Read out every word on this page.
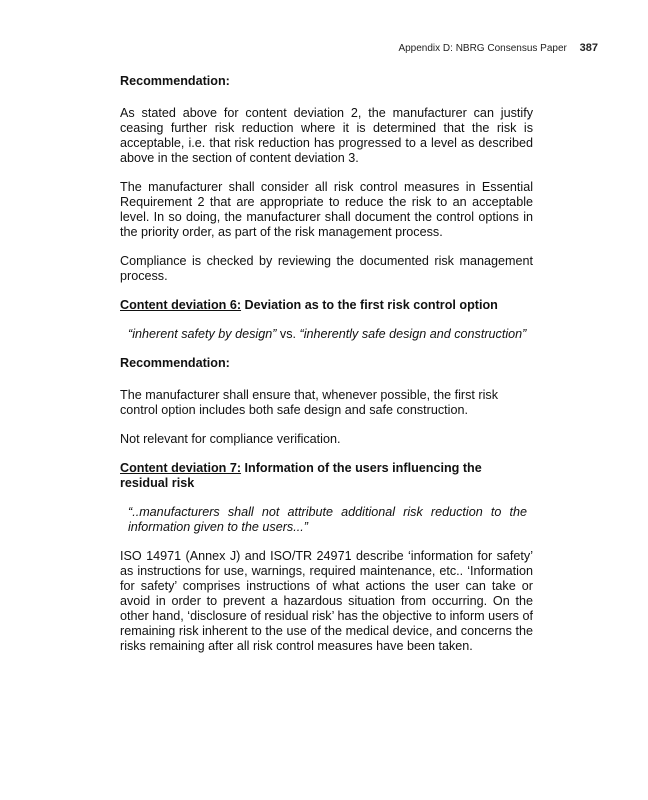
Appendix D: NBRG Consensus Paper 387
Recommendation:

As stated above for content deviation 2, the manufacturer can justify ceasing further risk reduction where it is determined that the risk is acceptable, i.e. that risk reduction has progressed to a level as described above in the section of content deviation 3.

The manufacturer shall consider all risk control measures in Essential Requirement 2 that are appropriate to reduce the risk to an acceptable level. In so doing, the manufacturer shall document the control options in the priority order, as part of the risk management process.

Compliance is checked by reviewing the documented risk management process.

Content deviation 6: Deviation as to the first risk control option
“inherent safety by design” vs. “inherently safe design and construction”
Recommendation:

The manufacturer shall ensure that, whenever possible, the first risk control option includes both safe design and safe construction.

Not relevant for compliance verification.

Content deviation 7: Information of the users influencing the residual risk
“..manufacturers shall not attribute additional risk reduction to the information given to the users...”

ISO 14971 (Annex J) and ISO/TR 24971 describe ‘information for safety’ as instructions for use, warnings, required maintenance, etc.. ‘Information for safety’ comprises instructions of what actions the user can take or avoid in order to prevent a hazardous situation from occurring. On the other hand, ‘disclosure of residual risk’ has the objective to inform users of remaining risk inherent to the use of the medical device, and concerns the risks remaining after all risk control measures have been taken.
